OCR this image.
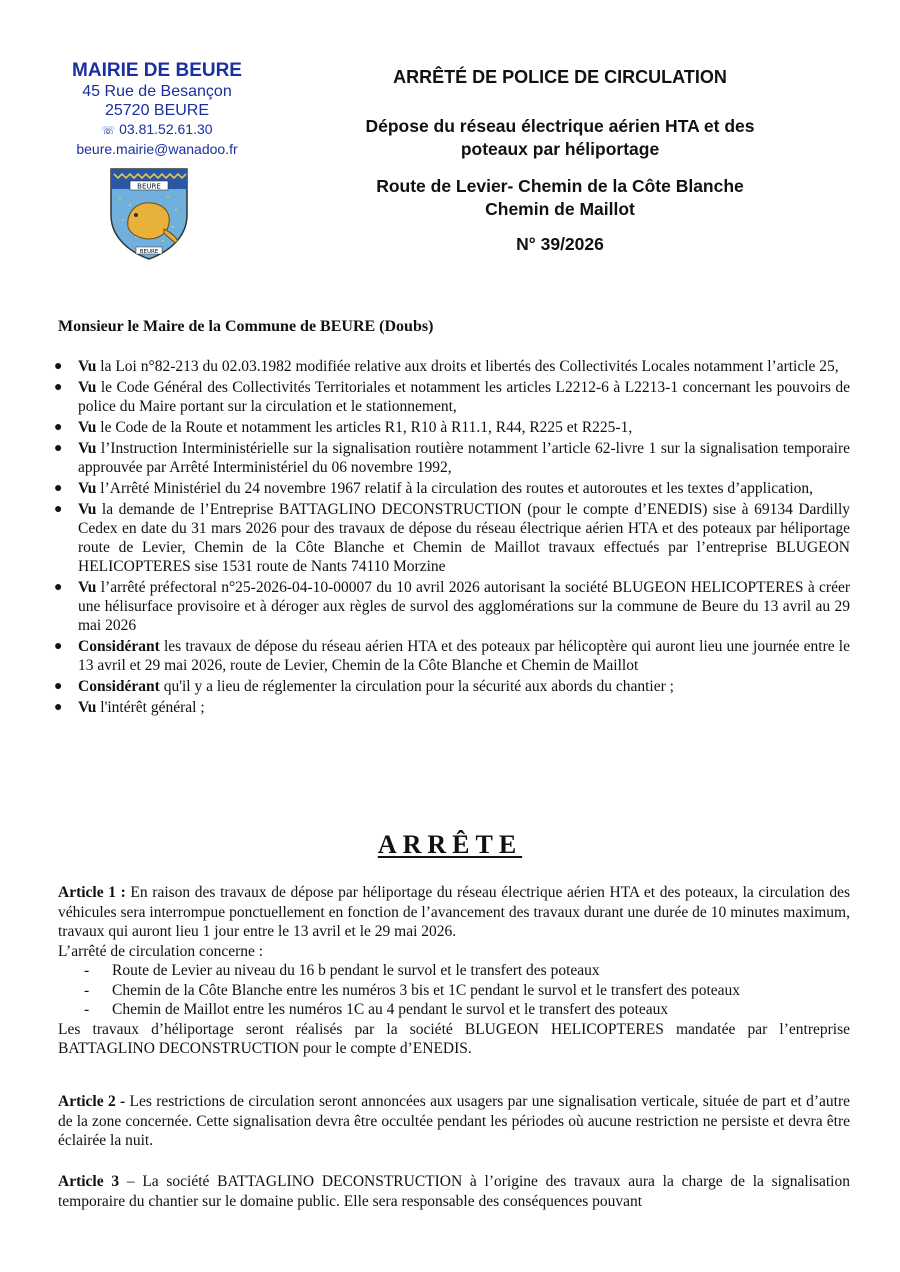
MAIRIE DE BEURE
45 Rue de Besançon
25720 BEURE
☏ 03.81.52.61.30
beure.mairie@wanadoo.fr
BEURE
BEURE
ARRÊTÉ DE POLICE DE CIRCULATION
Dépose du réseau électrique aérien HTA et des
poteaux par héliportage
Route de Levier- Chemin de la Côte Blanche
Chemin de Maillot
N° 39/2026
Monsieur le Maire de la Commune de BEURE (Doubs)
● Vu la Loi n°82-213 du 02.03.1982 modifiée relative aux droits et libertés des Collectivités Locales notamment l’article 25,
● Vu le Code Général des Collectivités Territoriales et notamment les articles L2212-6 à L2213-1 concernant les pouvoirs de police du Maire portant sur la circulation et le stationnement,
● Vu le Code de la Route et notamment les articles R1, R10 à R11.1, R44, R225 et R225-1,
● Vu l’Instruction Interministérielle sur la signalisation routière notamment l’article 62-livre 1 sur la signalisation temporaire approuvée par Arrêté Interministériel du 06 novembre 1992,
● Vu l’Arrêté Ministériel du 24 novembre 1967 relatif à la circulation des routes et autoroutes et les textes d’application,
● Vu la demande de l’Entreprise BATTAGLINO DECONSTRUCTION (pour le compte d’ENEDIS) sise à 69134 Dardilly Cedex en date du 31 mars 2026 pour des travaux de dépose du réseau électrique aérien HTA et des poteaux par héliportage route de Levier, Chemin de la Côte Blanche et Chemin de Maillot travaux effectués par l’entreprise BLUGEON HELICOPTERES sise 1531 route de Nants 74110 Morzine
● Vu l’arrêté préfectoral n°25-2026-04-10-00007 du 10 avril 2026 autorisant la société BLUGEON HELICOPTERES à créer une hélisurface provisoire et à déroger aux règles de survol des agglomérations sur la commune de Beure du 13 avril au 29 mai 2026
● Considérant les travaux de dépose du réseau aérien HTA et des poteaux par hélicoptère qui auront lieu une journée entre le 13 avril et 29 mai 2026, route de Levier, Chemin de la Côte Blanche et Chemin de Maillot
● Considérant qu'il y a lieu de réglementer la circulation pour la sécurité aux abords du chantier ;
● Vu l'intérêt général ;
ARRÊTE

Article 1 : En raison des travaux de dépose par héliportage du réseau électrique aérien HTA et des poteaux, la circulation des véhicules sera interrompue ponctuellement en fonction de l’avancement des travaux durant une durée de 10 minutes maximum, travaux qui auront lieu 1 jour entre le 13 avril et le 29 mai 2026.

L’arrêté de circulation concerne :

- Route de Levier au niveau du 16 b pendant le survol et le transfert des poteaux
- Chemin de la Côte Blanche entre les numéros 3 bis et 1C pendant le survol et le transfert des poteaux
- Chemin de Maillot entre les numéros 1C au 4 pendant le survol et le transfert des poteaux

Les travaux d’héliportage seront réalisés par la société BLUGEON HELICOPTERES mandatée par l’entreprise BATTAGLINO DECONSTRUCTION pour le compte d’ENEDIS.

Article 2 - Les restrictions de circulation seront annoncées aux usagers par une signalisation verticale, située de part et d’autre de la zone concernée. Cette signalisation devra être occultée pendant les périodes où aucune restriction ne persiste et devra être éclairée la nuit.

Article 3 – La société BATTAGLINO DECONSTRUCTION à l’origine des travaux aura la charge de la signalisation temporaire du chantier sur le domaine public. Elle sera responsable des conséquences pouvant
